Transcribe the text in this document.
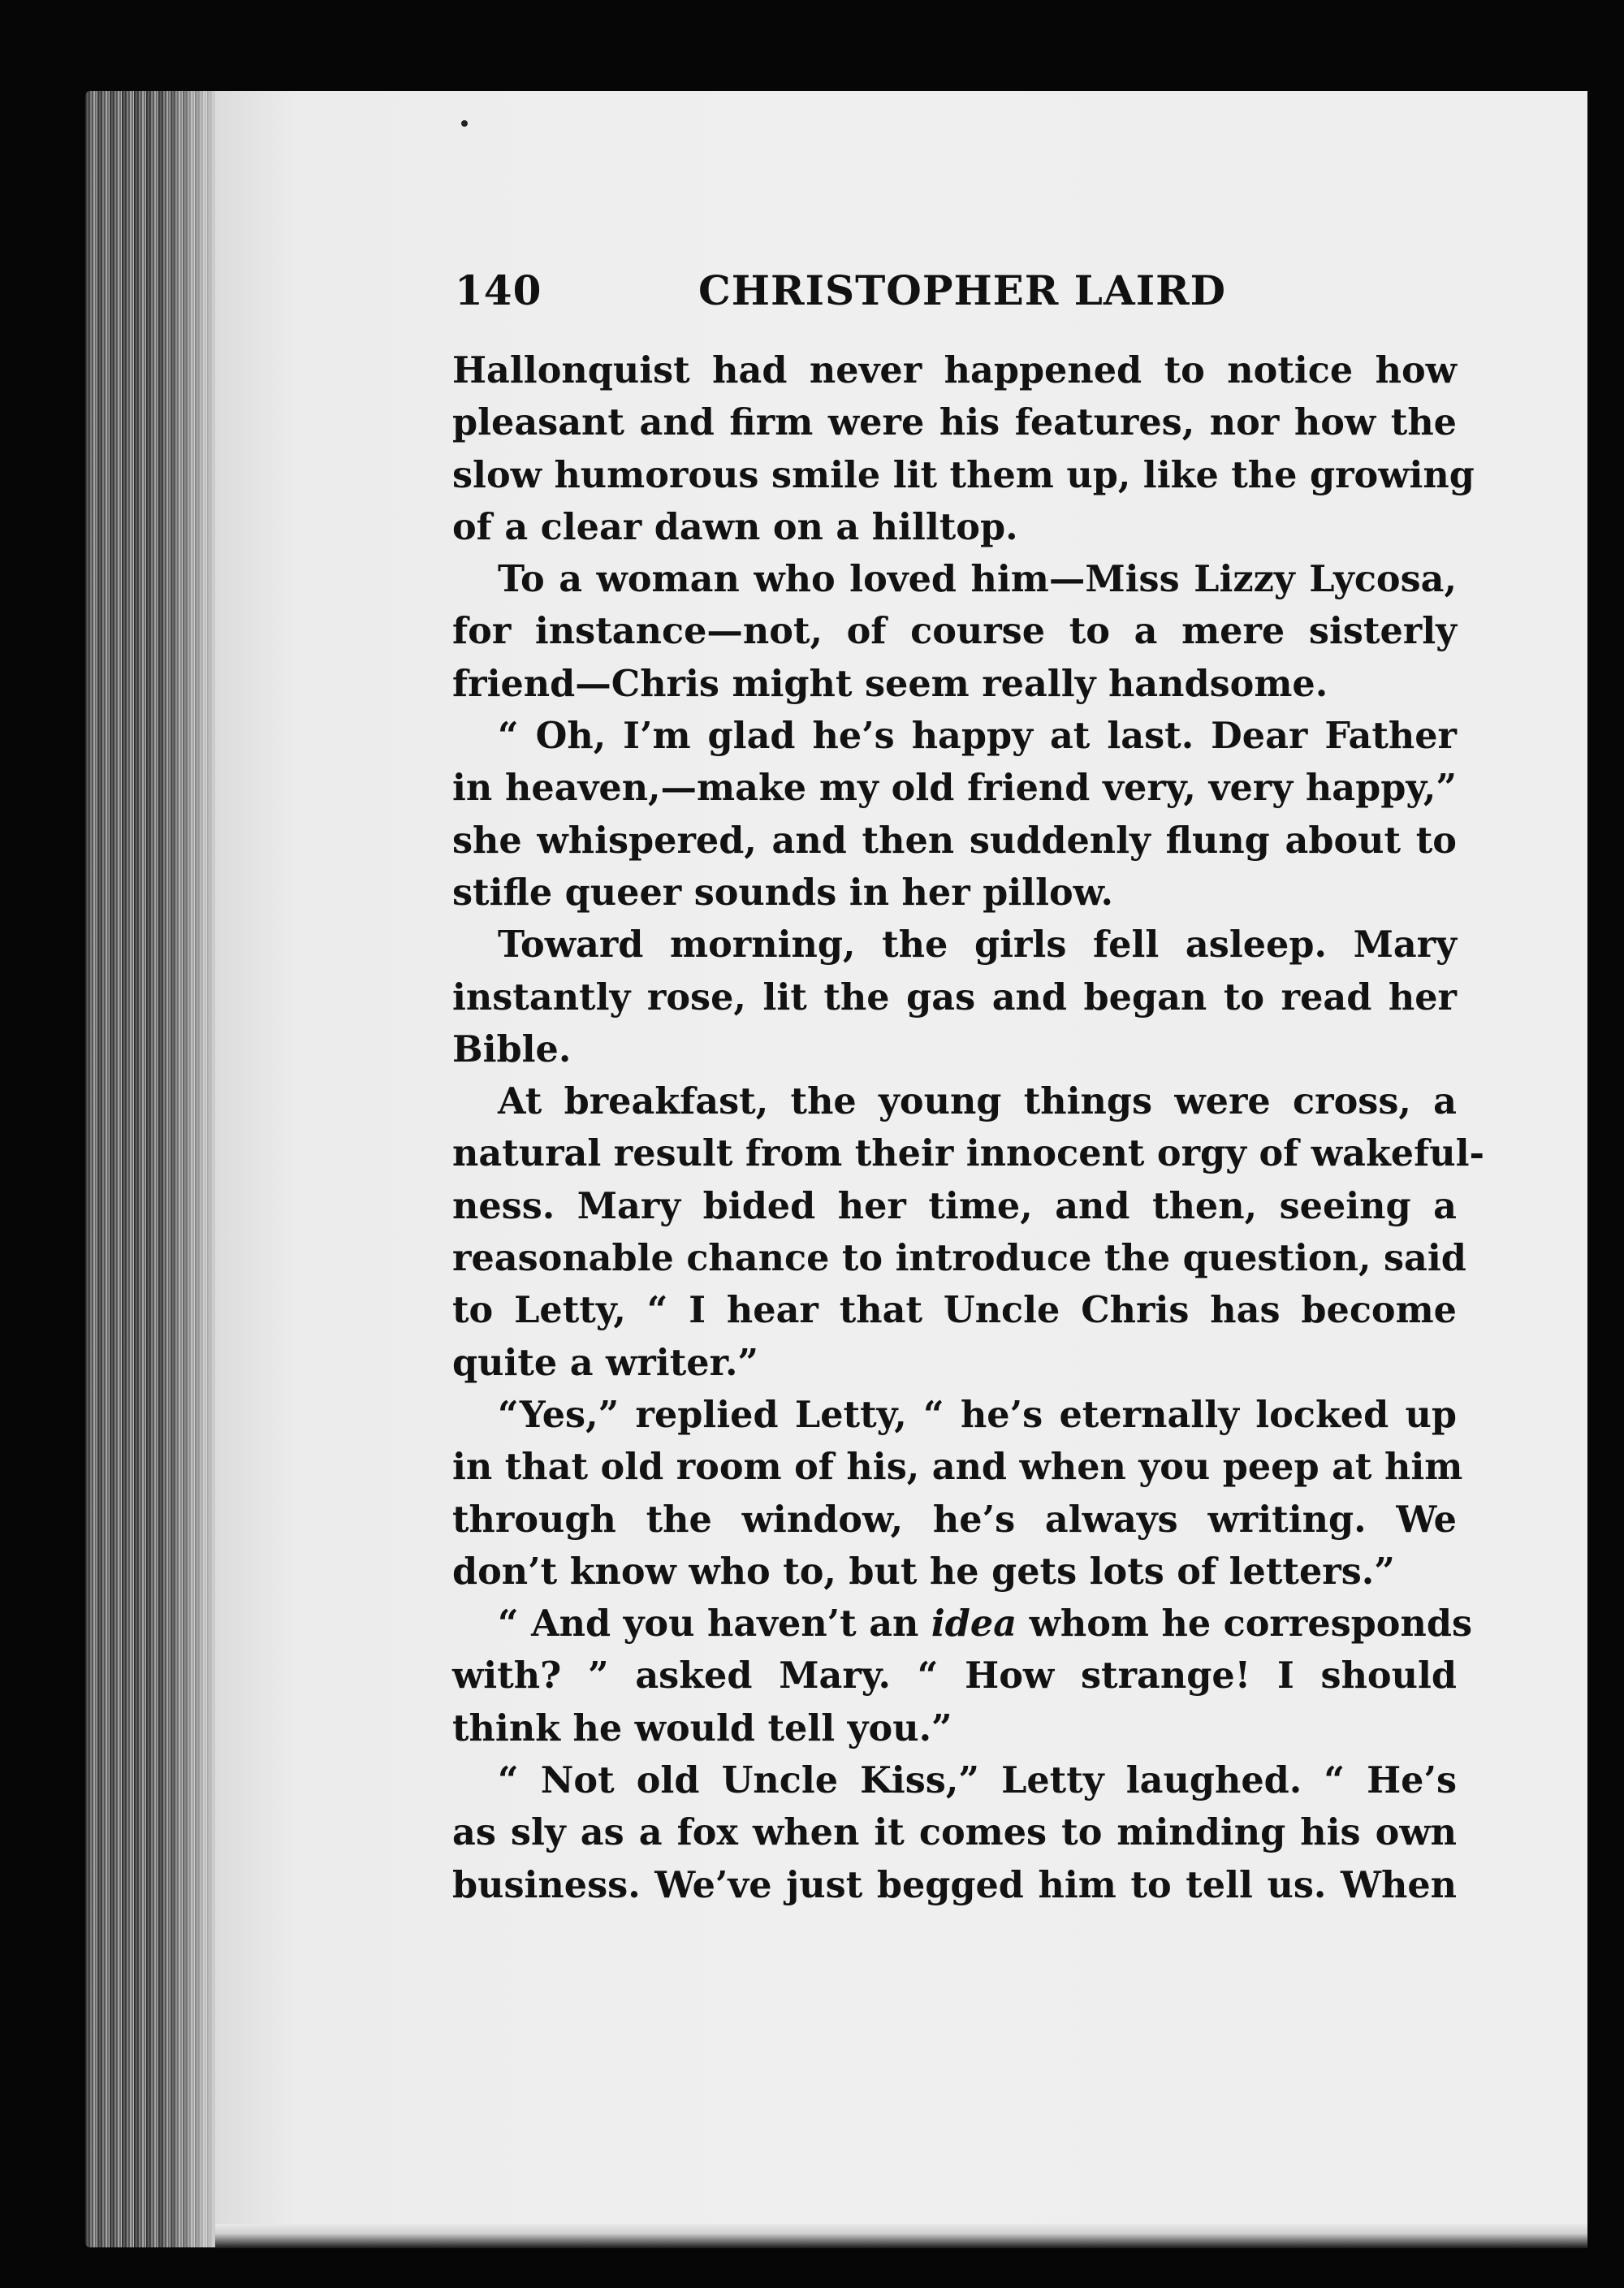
140	CHRISTOPHER LAIRD
Hallonquist had never happened to notice how
pleasant and firm were his features, nor how the
slow humorous smile lit them up, like the growing
of a clear dawn on a hilltop.
To a woman who loved him—Miss Lizzy Lycosa,
for instance—not, of course to a mere sisterly
friend—Chris might seem really handsome.
“ Oh, I’m glad he’s happy at last. Dear Father
in heaven,—make my old friend very, very happy,”
she whispered, and then suddenly flung about to
stifle queer sounds in her pillow.
Toward morning, the girls fell asleep. Mary
instantly rose, lit the gas and began to read her
Bible.
At breakfast, the young things were cross, a
natural result from their innocent orgy of wakeful-
ness. Mary bided her time, and then, seeing a
reasonable chance to introduce the question, said
to Letty, “ I hear that Uncle Chris has become
quite a writer.”
“Yes,” replied Letty, “ he’s eternally locked up
in that old room of his, and when you peep at him
through the window, he’s always writing. We
don’t know who to, but he gets lots of letters.”
“ And you haven’t an idea whom he corresponds
with? ” asked Mary. “ How strange! I should
think he would tell you.”
“ Not old Uncle Kiss,” Letty laughed. “ He’s
as sly as a fox when it comes to minding his own
business. We’ve just begged him to tell us. When
